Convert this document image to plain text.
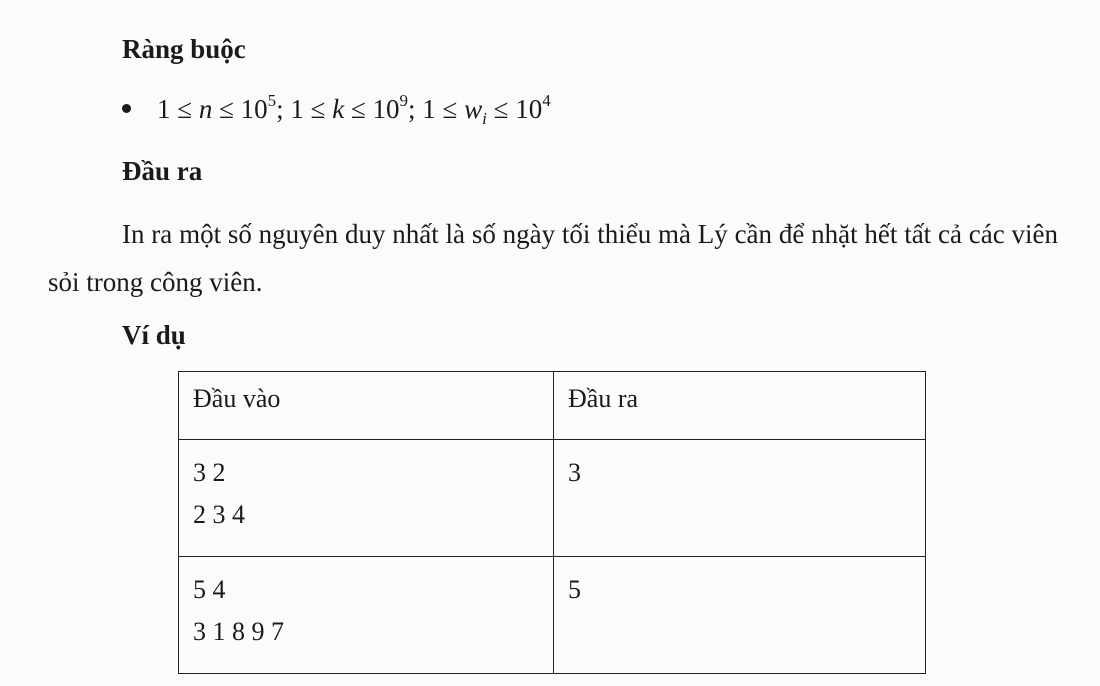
Ràng buộc
$1 \le n \le 10^5$; $1 \le k \le 10^9$; $1 \le w_i \le 10^4$
Đầu ra

In ra một số nguyên duy nhất là số ngày tối thiểu mà Lý cần để nhặt hết tất cả các viên sỏi trong công viên.

Ví dụ
Đầu vào	Đầu ra

3 2
2 3 4	3

5 4
3 1 8 9 7	5
